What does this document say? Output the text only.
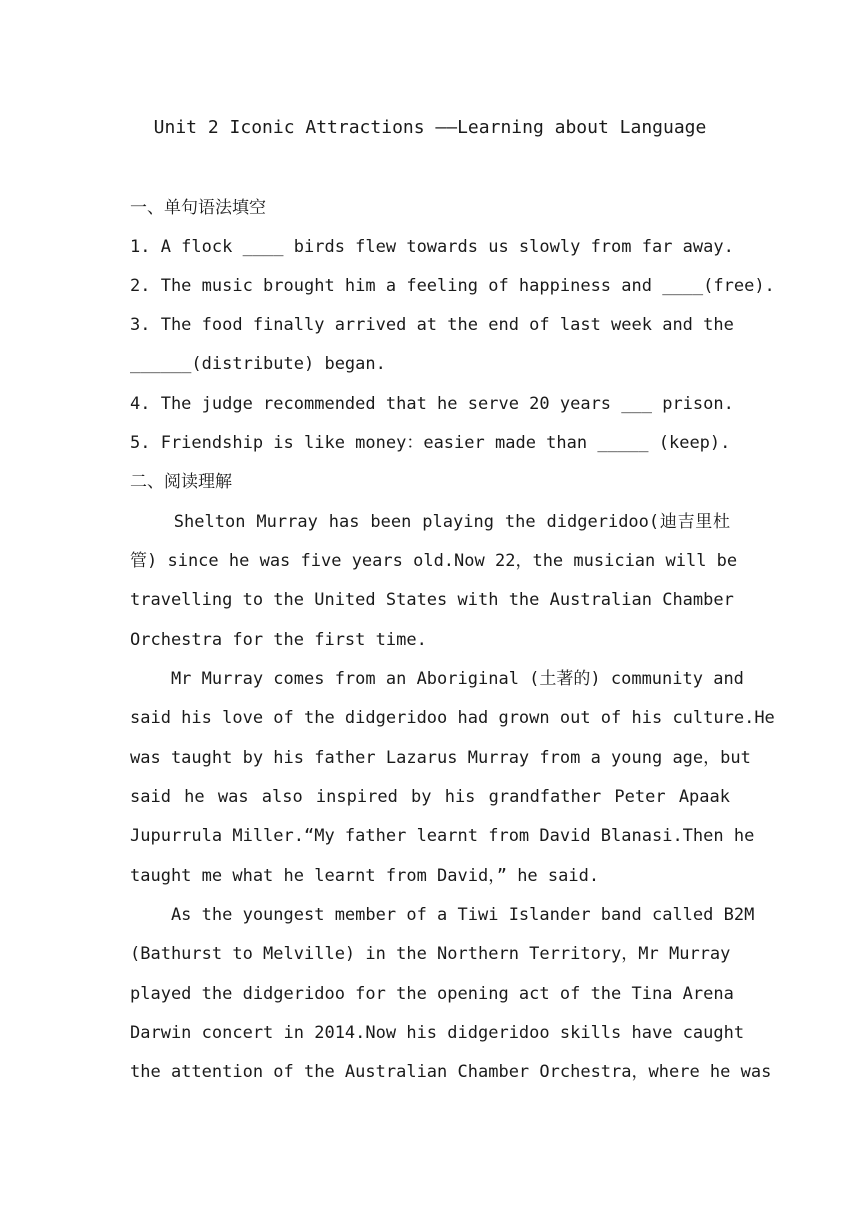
Unit 2 Iconic Attractions ——Learning about Language
一、单句语法填空
1. A flock ____ birds flew towards us slowly from far away.
2. The music brought him a feeling of happiness and ____(free).
3. The food finally arrived at the end of last week and the
______(distribute) began.
4. The judge recommended that he serve 20 years ___ prison.
5. Friendship is like money：easier made than _____ (keep).
二、阅读理解
Shelton Murray has been playing the didgeridoo(迪吉里杜
管) since he was five years old.Now 22，the musician will be
travelling to the United States with the Australian Chamber
Orchestra for the first time.
Mr Murray comes from an Aboriginal (土著的) community and
said his love of the didgeridoo had grown out of his culture.He
was taught by his father Lazarus Murray from a young age，but
said he was also inspired by his grandfather Peter Apaak
Jupurrula Miller.“My father learnt from David Blanasi.Then he
taught me what he learnt from David，” he said.
As the youngest member of a Tiwi Islander band called B2M
(Bathurst to Melville) in the Northern Territory，Mr Murray
played the didgeridoo for the opening act of the Tina Arena
Darwin concert in 2014.Now his didgeridoo skills have caught
the attention of the Australian Chamber Orchestra，where he was
